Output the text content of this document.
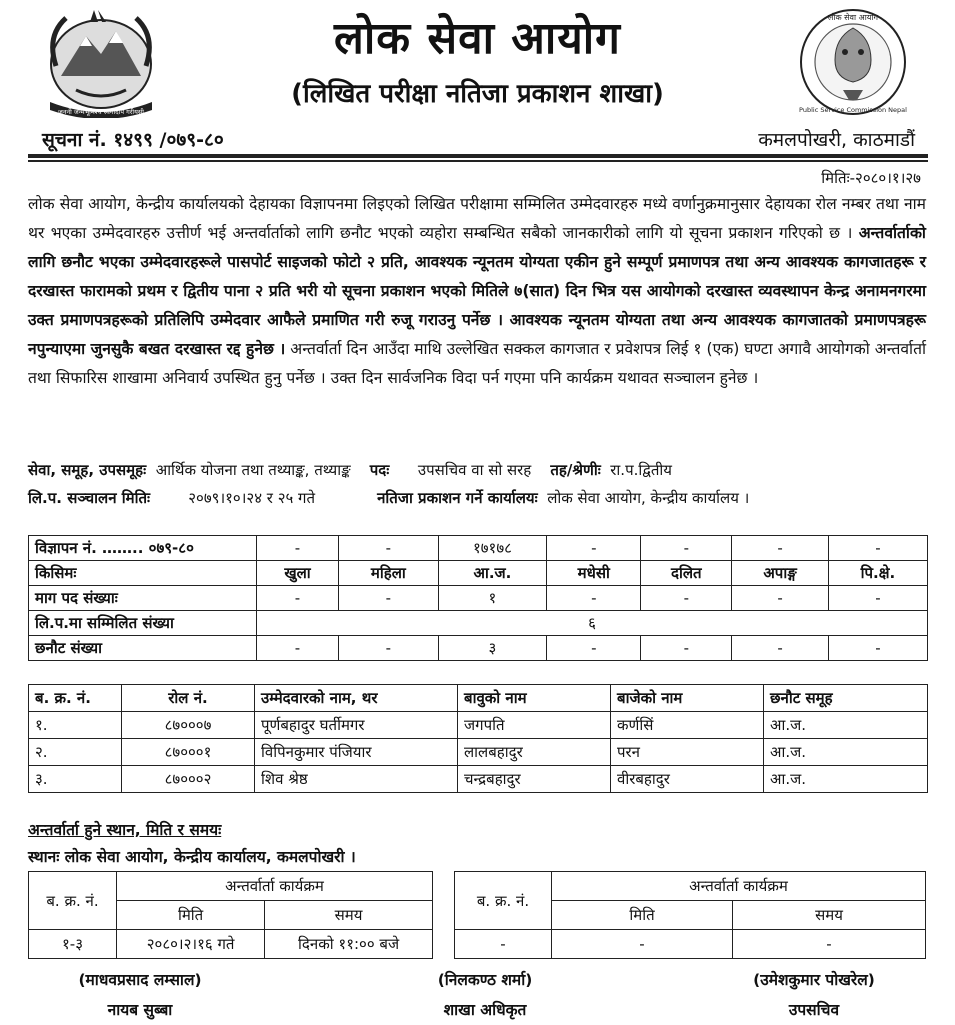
जननी जन्मभूमिश्च स्वर्गादपि गरीयसी
लोक सेवा आयोग
Public Service Commission Nepal
लोक सेवा आयोग
(लिखित परीक्षा नतिजा प्रकाशन शाखा)
सूचना नं. १४९९ /०७९-८०	कमलपोखरी, काठमाडौं
मितिः-२०८०।१।२७
लोक सेवा आयोग, केन्द्रीय कार्यालयको देहायका विज्ञापनमा लिइएको लिखित परीक्षामा सम्मिलित उम्मेदवारहरु मध्ये वर्णानुक्रमानुसार देहायका रोल नम्बर तथा नाम थर भएका उम्मेदवारहरु उत्तीर्ण भई अन्तर्वार्ताको लागि छनौट भएको व्यहोरा सम्बन्धित सबैको जानकारीको लागि यो सूचना प्रकाशन गरिएको छ । अन्तर्वार्ताको लागि छनौट भएका उम्मेदवारहरूले पासपोर्ट साइजको फोटो २ प्रति, आवश्यक न्यूनतम योग्यता एकीन हुने सम्पूर्ण प्रमाणपत्र तथा अन्य आवश्यक कागजातहरू र दरखास्त फारामको प्रथम र द्वितीय पाना २ प्रति भरी यो सूचना प्रकाशन भएको मितिले ७(सात) दिन भित्र यस आयोगको दरखास्त व्यवस्थापन केन्द्र अनामनगरमा उक्त प्रमाणपत्रहरूको प्रतिलिपि उम्मेदवार आफैले प्रमाणित गरी रुजू गराउनु पर्नेछ । आवश्यक न्यूनतम योग्यता तथा अन्य आवश्यक कागजातको प्रमाणपत्रहरू नपुन्याएमा जुनसुकै बखत दरखास्त रद्द हुनेछ । अन्तर्वार्ता दिन आउँदा माथि उल्लेखित सक्कल कागजात र प्रवेशपत्र लिई १ (एक) घण्टा अगावै आयोगको अन्तर्वार्ता तथा सिफारिस शाखामा अनिवार्य उपस्थित हुनु पर्नेछ । उक्त दिन सार्वजनिक विदा पर्न गएमा पनि कार्यक्रम यथावत सञ्चालन हुनेछ ।
सेवा, समूह, उपसमूहः आर्थिक योजना तथा तथ्याङ्क, तथ्याङ्क पदः उपसचिव वा सो सरह तह/श्रेणीः रा.प.द्वितीय
लि.प. सञ्चालन मितिः	२०७९।१०।२४ र २५ गते	नतिजा प्रकाशन गर्ने कार्यालयः लोक सेवा आयोग, केन्द्रीय कार्यालय ।
विज्ञापन नं. …….. ०७९-८०	-	-	१७१७८	-	-	-	-
किसिमः	खुला	महिला	आ.ज.	मधेसी	दलित	अपाङ्ग	पि.क्षे.
माग पद संख्याः	-	-	१	-	-	-	-
लि.प.मा सम्मिलित संख्या	६						
छनौट संख्या	-	-	३	-	-	-	-
ब. क्र. नं.	रोल नं.	उम्मेदवारको नाम, थर	बावुको नाम	बाजेको नाम	छनौट समूह
१.	८७०००७	पूर्णबहादुर घर्तीमगर	जगपति	कर्णसिं	आ.ज.
२.	८७०००१	विपिनकुमार पंजियार	लालबहादुर	परन	आ.ज.
३.	८७०००२	शिव श्रेष्ठ	चन्द्रबहादुर	वीरबहादुर	आ.ज.
अन्तर्वार्ता हुने स्थान, मिति र समयः
स्थानः लोक सेवा आयोग, केन्द्रीय कार्यालय, कमलपोखरी ।
ब. क्र. नं.	अन्तर्वार्ता कार्यक्रम	
	मिति	समय
१-३	२०८०।२।१६ गते	दिनको ११:०० बजे
ब. क्र. नं.	अन्तर्वार्ता कार्यक्रम	
	मिति	समय
-	-	-
(माधवप्रसाद लम्साल)
नायब सुब्बा
(निलकण्ठ शर्मा)
शाखा अधिकृत
(उमेशकुमार पोखरेल)
उपसचिव
